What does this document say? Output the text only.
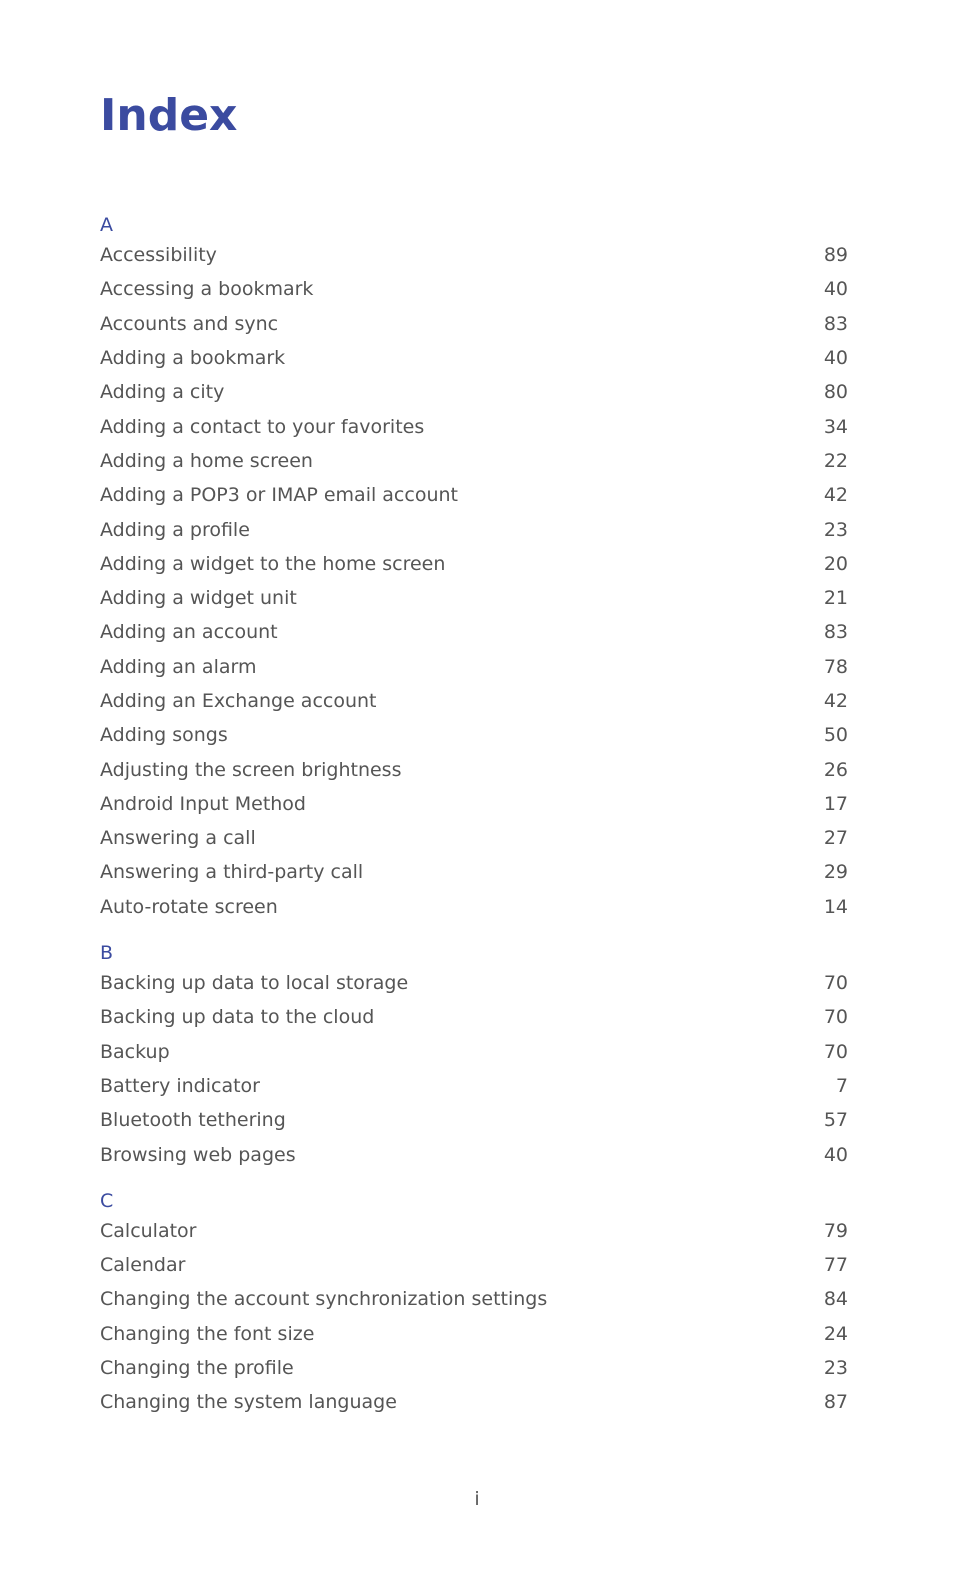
Index
A
Accessibility	89
Accessing a bookmark	40
Accounts and sync	83
Adding a bookmark	40
Adding a city	80
Adding a contact to your favorites	34
Adding a home screen	22
Adding a POP3 or IMAP email account	42
Adding a profile	23
Adding a widget to the home screen	20
Adding a widget unit	21
Adding an account	83
Adding an alarm	78
Adding an Exchange account	42
Adding songs	50
Adjusting the screen brightness	26
Android Input Method	17
Answering a call	27
Answering a third-party call	29
Auto-rotate screen	14
B
Backing up data to local storage	70
Backing up data to the cloud	70
Backup	70
Battery indicator	7
Bluetooth tethering	57
Browsing web pages	40
C
Calculator	79
Calendar	77
Changing the account synchronization settings	84
Changing the font size	24
Changing the profile	23
Changing the system language	87
i
